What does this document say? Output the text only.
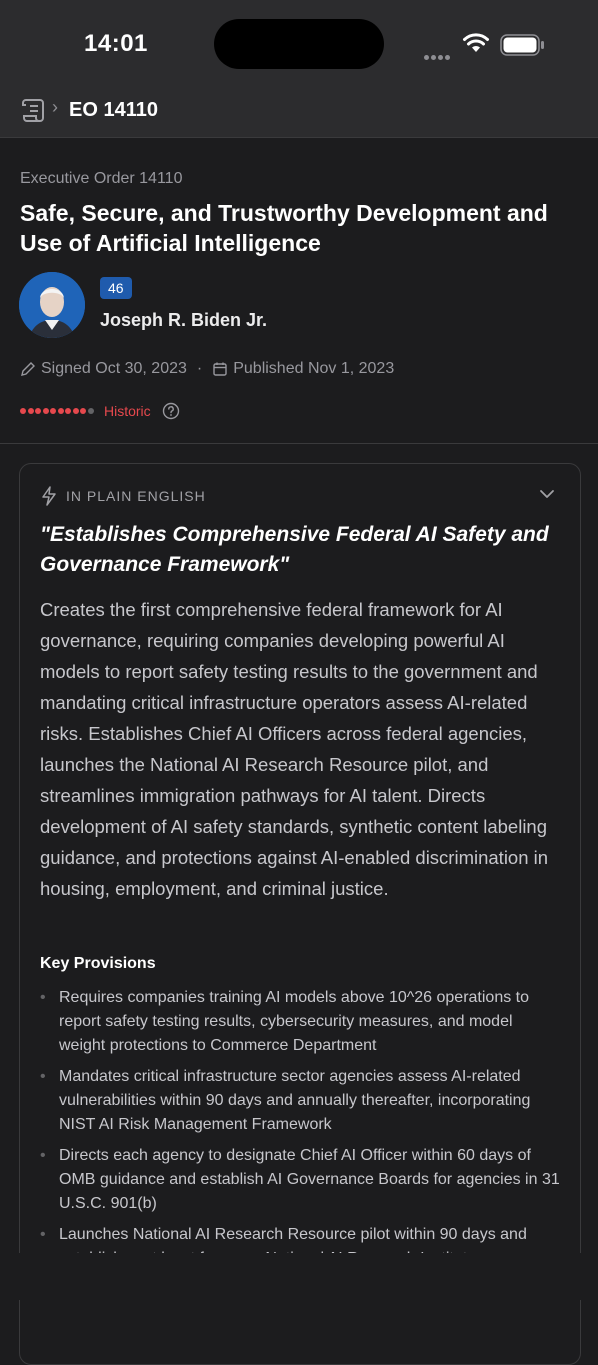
14:01
› EO 14110
Executive Order 14110
Safe, Secure, and Trustworthy Development and Use of Artificial Intelligence
46
Joseph R. Biden Jr.
Signed Oct 30, 2023 · Published Nov 1, 2023
Historic
IN PLAIN ENGLISH
"Establishes Comprehensive Federal AI Safety and Governance Framework"
Creates the first comprehensive federal framework for AI governance, requiring companies developing powerful AI models to report safety testing results to the government and mandating critical infrastructure operators assess AI-related risks. Establishes Chief AI Officers across federal agencies, launches the National AI Research Resource pilot, and streamlines immigration pathways for AI talent. Directs development of AI safety standards, synthetic content labeling guidance, and protections against AI-enabled discrimination in housing, employment, and criminal justice.
Key Provisions
• Requires companies training AI models above 10^26 operations to report safety testing results, cybersecurity measures, and model weight protections to Commerce Department
• Mandates critical infrastructure sector agencies assess AI-related vulnerabilities within 90 days and annually thereafter, incorporating NIST AI Risk Management Framework
• Directs each agency to designate Chief AI Officer within 60 days of OMB guidance and establish AI Governance Boards for agencies in 31 U.S.C. 901(b)
• Launches National AI Research Resource pilot within 90 days and
